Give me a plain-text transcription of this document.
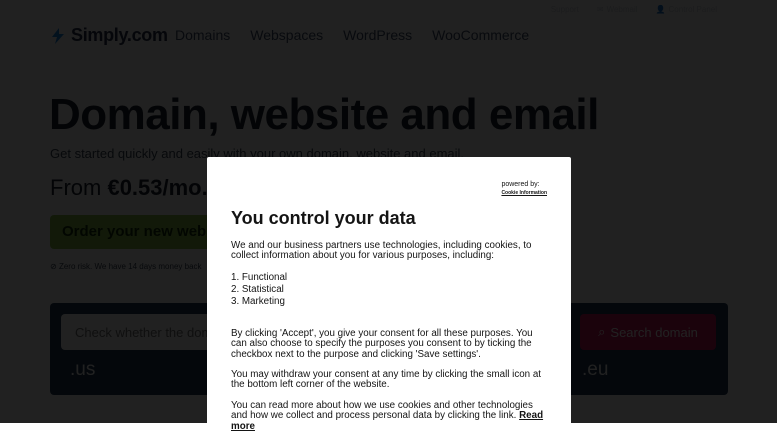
Check whether the domain is available
powered by:
Cookie Information
You control your data

We and our business partners use technologies, including cookies, to collect information about you for various purposes, including:

1. Functional
2. Statistical
3. Marketing

By clicking 'Accept', you give your consent for all these purposes. You can also choose to specify the purposes you consent to by ticking the checkbox next to the purpose and clicking 'Save settings'.

You may withdraw your consent at any time by clicking the small icon at the bottom left corner of the website.

You can read more about how we use cookies and other technologies and how we collect and process personal data by clicking the link. Read more
